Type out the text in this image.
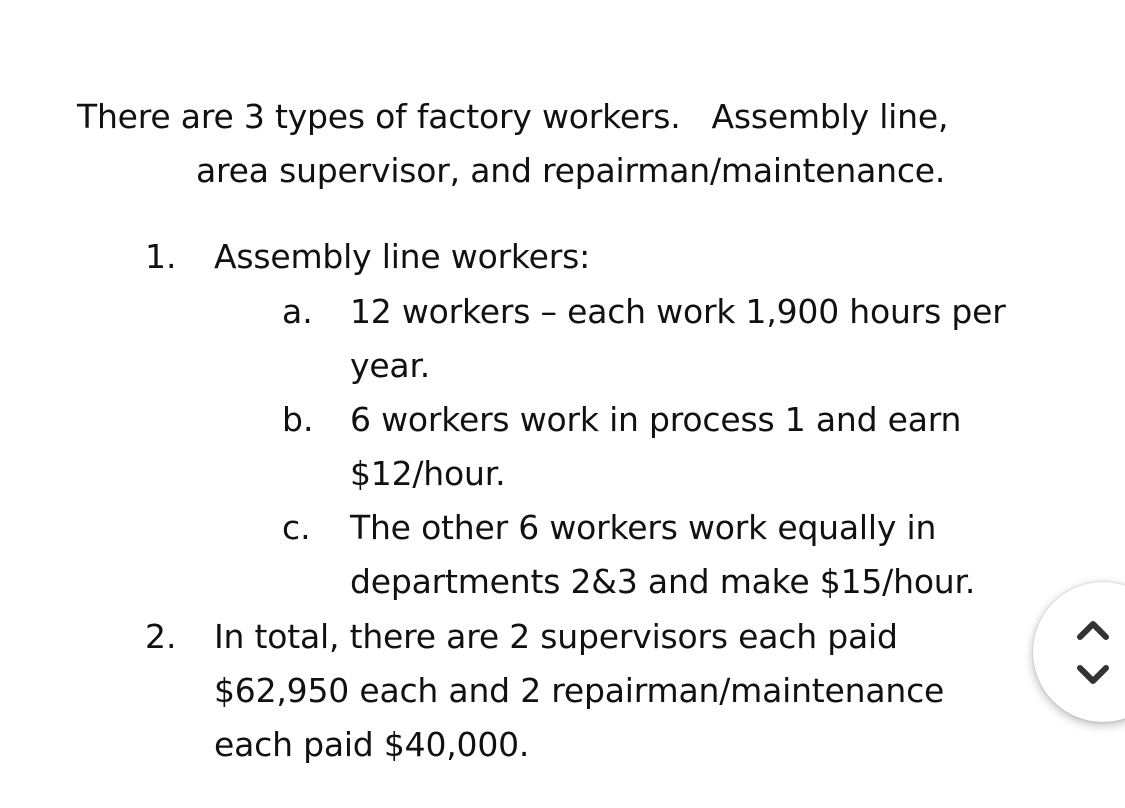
There are 3 types of factory workers.   Assembly line,
area supervisor, and repairman/maintenance.
1. Assembly line workers:
a. 12 workers – each work 1,900 hours per
year.
b. 6 workers work in process 1 and earn
$12/hour.
c. The other 6 workers work equally in
departments 2&3 and make $15/hour.
2. In total, there are 2 supervisors each paid
$62,950 each and 2 repairman/maintenance
each paid $40,000.
